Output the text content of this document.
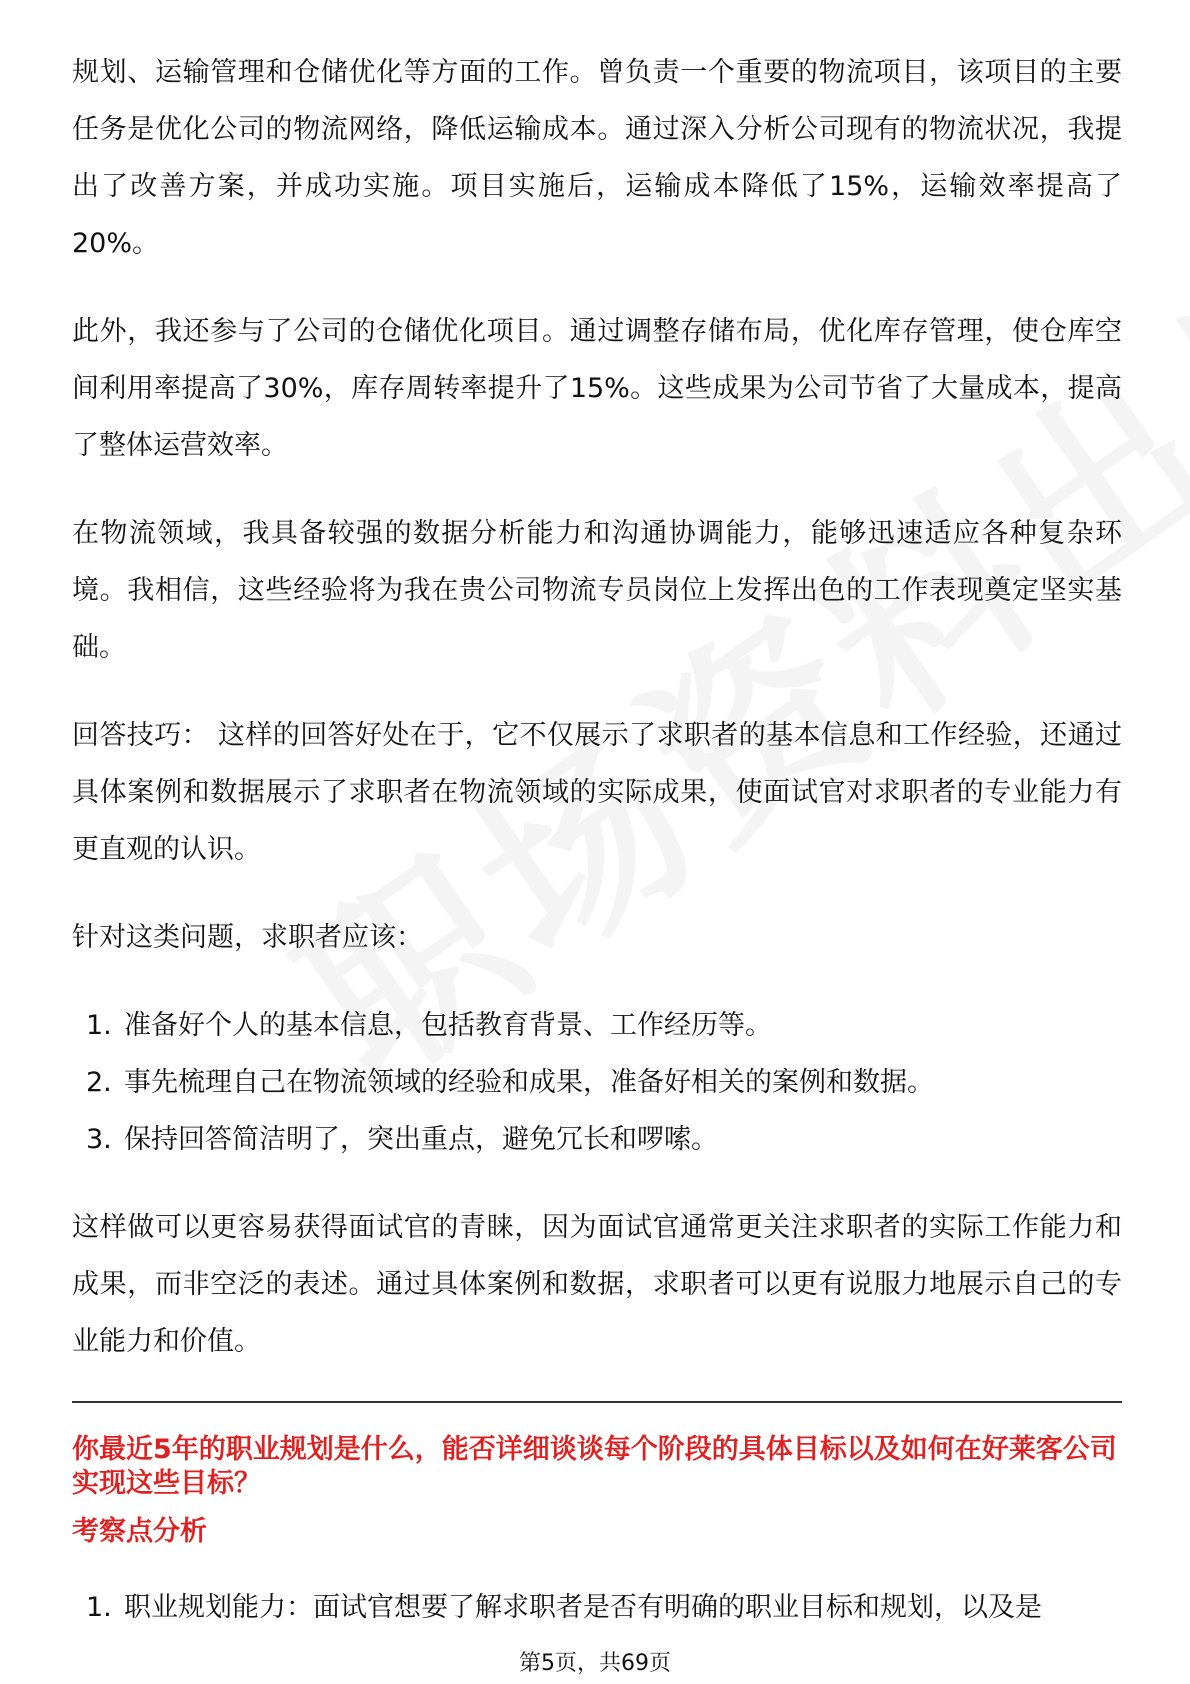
规划、运输管理和仓储优化等方面的工作。曾负责一个重要的物流项目，该项目的主要任务是优化公司的物流网络，降低运输成本。通过深入分析公司现有的物流状况，我提出了改善方案，并成功实施。项目实施后，运输成本降低了15%，运输效率提高了20%。

此外，我还参与了公司的仓储优化项目。通过调整存储布局，优化库存管理，使仓库空间利用率提高了30%，库存周转率提升了15%。这些成果为公司节省了大量成本，提高了整体运营效率。

在物流领域，我具备较强的数据分析能力和沟通协调能力，能够迅速适应各种复杂环境。我相信，这些经验将为我在贵公司物流专员岗位上发挥出色的工作表现奠定坚实基础。

回答技巧： 这样的回答好处在于，它不仅展示了求职者的基本信息和工作经验，还通过具体案例和数据展示了求职者在物流领域的实际成果，使面试官对求职者的专业能力有更直观的认识。

针对这类问题，求职者应该：

1. 准备好个人的基本信息，包括教育背景、工作经历等。
2. 事先梳理自己在物流领域的经验和成果，准备好相关的案例和数据。
3. 保持回答简洁明了，突出重点，避免冗长和啰嗦。

这样做可以更容易获得面试官的青睐，因为面试官通常更关注求职者的实际工作能力和成果，而非空泛的表述。通过具体案例和数据，求职者可以更有说服力地展示自己的专业能力和价值。

你最近5年的职业规划是什么，能否详细谈谈每个阶段的具体目标以及如何在好莱客公司实现这些目标？
考察点分析
1. 职业规划能力：面试官想要了解求职者是否有明确的职业目标和规划，以及是
第5页，共69页
